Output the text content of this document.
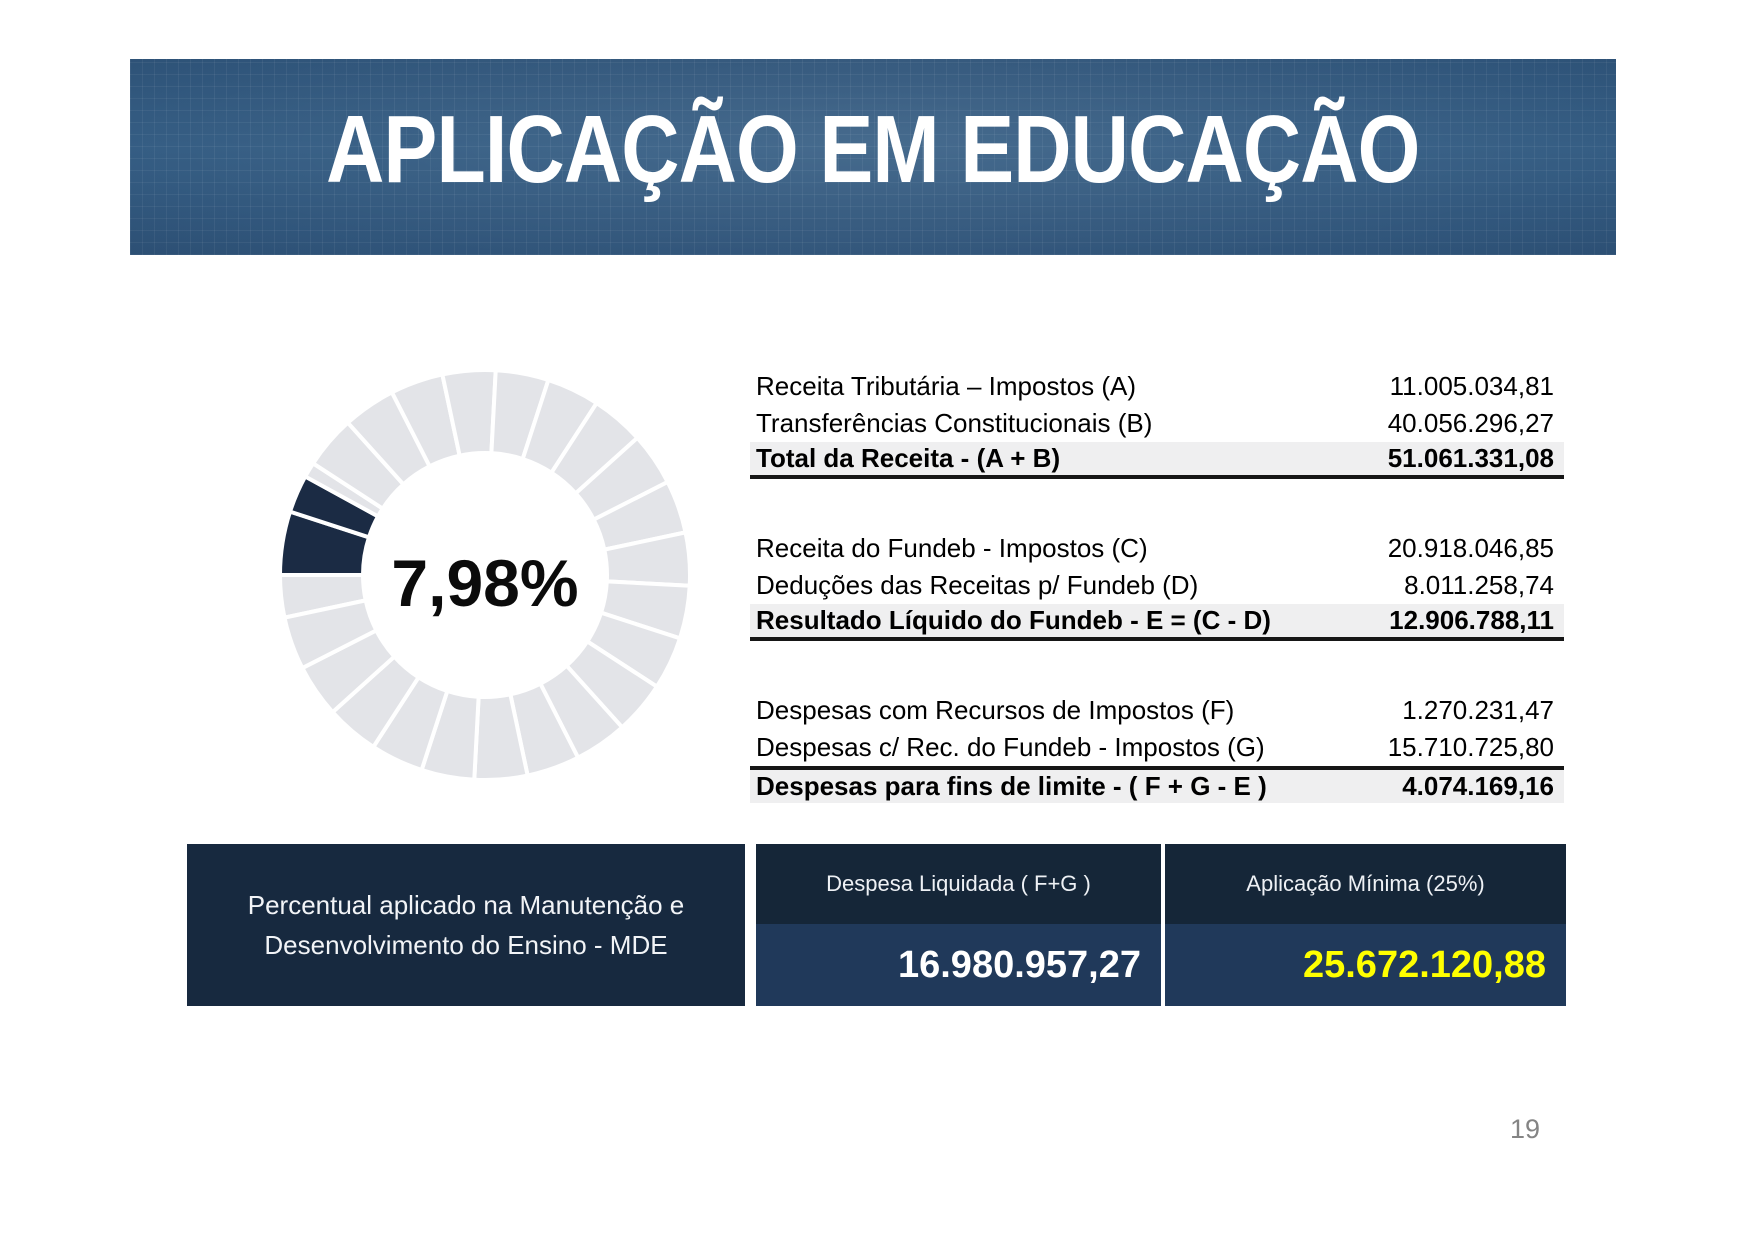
APLICAÇÃO EM EDUCAÇÃO
7,98%
Receita Tributária – Impostos (A)	11.005.034,81
Transferências Constitucionais (B)	40.056.296,27
Total da Receita - (A + B)	51.061.331,08
Receita do Fundeb - Impostos (C)	20.918.046,85
Deduções das Receitas p/ Fundeb (D)	8.011.258,74
Resultado Líquido do Fundeb - E = (C - D)	12.906.788,11
Despesas com Recursos de Impostos (F)	1.270.231,47
Despesas c/ Rec. do Fundeb - Impostos (G)	15.710.725,80
Despesas para fins de limite - ( F + G - E )	4.074.169,16
Percentual aplicado na Manutenção e
Desenvolvimento do Ensino - MDE
Despesa Liquidada ( F+G )
16.980.957,27
Aplicação Mínima (25%)
25.672.120,88
19
